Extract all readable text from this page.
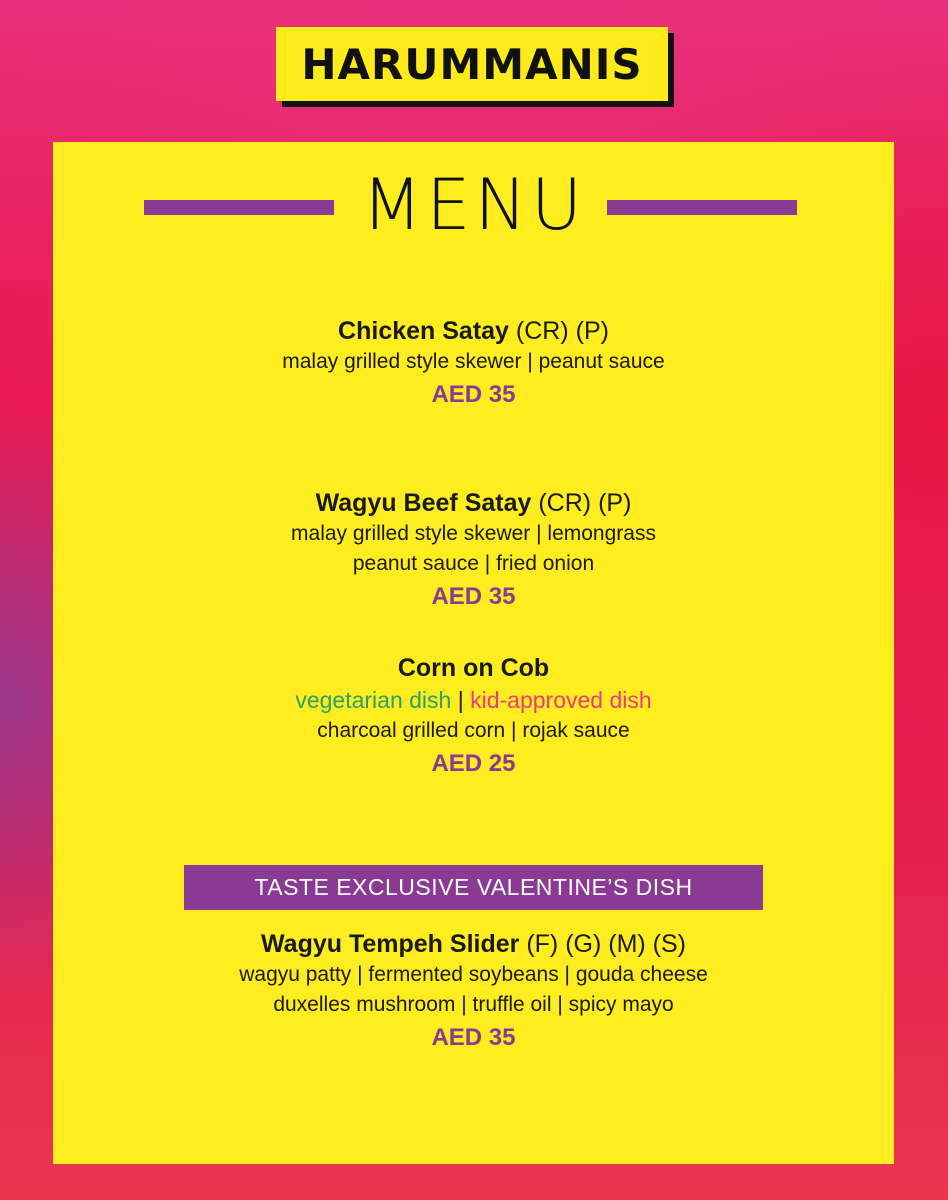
HARUMMANIS
MENU
Chicken Satay (CR) (P)
malay grilled style skewer | peanut sauce
AED 35
Wagyu Beef Satay (CR) (P)
malay grilled style skewer | lemongrass
peanut sauce | fried onion
AED 35
Corn on Cob
vegetarian dish | kid-approved dish
charcoal grilled corn | rojak sauce
AED 25
TASTE EXCLUSIVE VALENTINE’S DISH
Wagyu Tempeh Slider (F) (G) (M) (S)
wagyu patty | fermented soybeans | gouda cheese
duxelles mushroom | truffle oil | spicy mayo
AED 35
